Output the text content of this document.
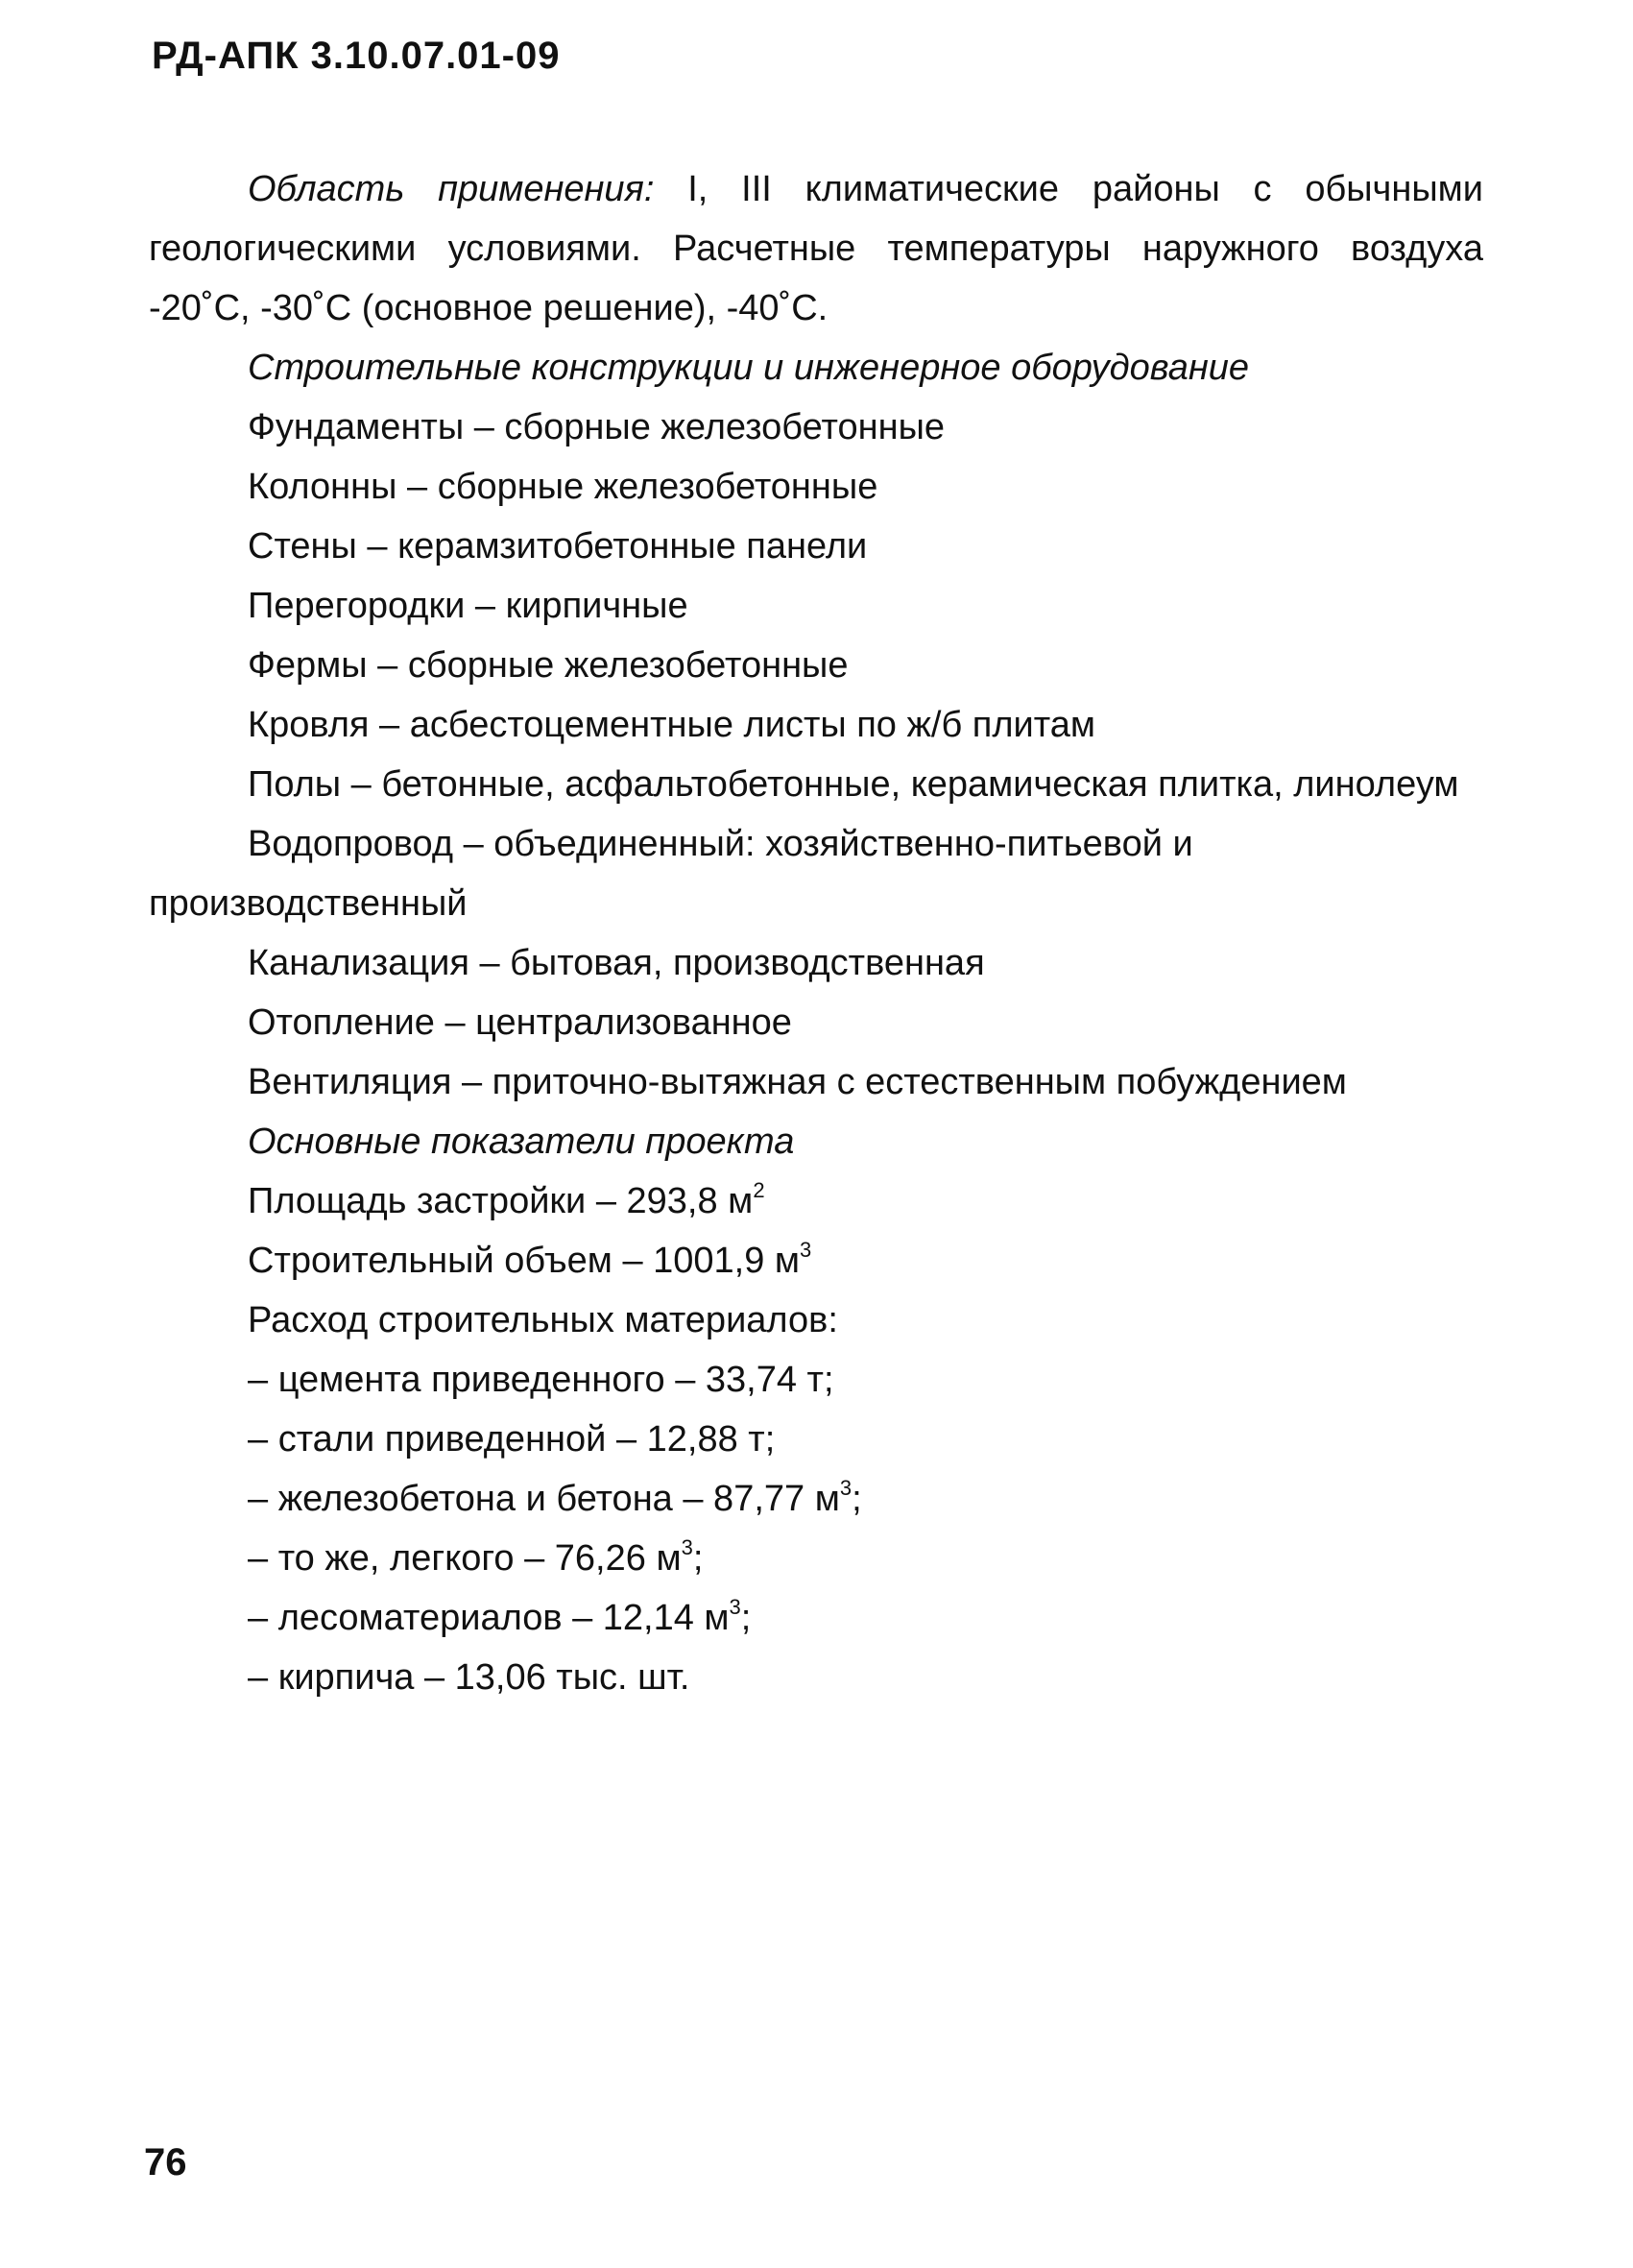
РД-АПК 3.10.07.01-09

Область применения: I, III климатические районы с обычными геологическими условиями. Расчетные температуры наружного воздуха -20˚С, -30˚С (основное решение), -40˚С.

Строительные конструкции и инженерное оборудование

Фундаменты – сборные железобетонные

Колонны – сборные железобетонные

Стены – керамзитобетонные панели

Перегородки – кирпичные

Фермы – сборные железобетонные

Кровля – асбестоцементные листы по ж/б плитам

Полы – бетонные, асфальтобетонные, керамическая плитка, линолеум

Водопровод – объединенный: хозяйственно-питьевой и производственный

Канализация – бытовая, производственная

Отопление – централизованное

Вентиляция – приточно-вытяжная с естественным побуждением

Основные показатели проекта

Площадь застройки – 293,8 $м^2$

Строительный объем – 1001,9 $м^3$

Расход строительных материалов:

– цемента приведенного – 33,74 т;

– стали приведенной – 12,88 т;

– железобетона и бетона – 87,77 $м^3$;

– то же, легкого – 76,26 $м^3$;

– лесоматериалов – 12,14 $м^3$;

– кирпича – 13,06 тыс. шт.

76
